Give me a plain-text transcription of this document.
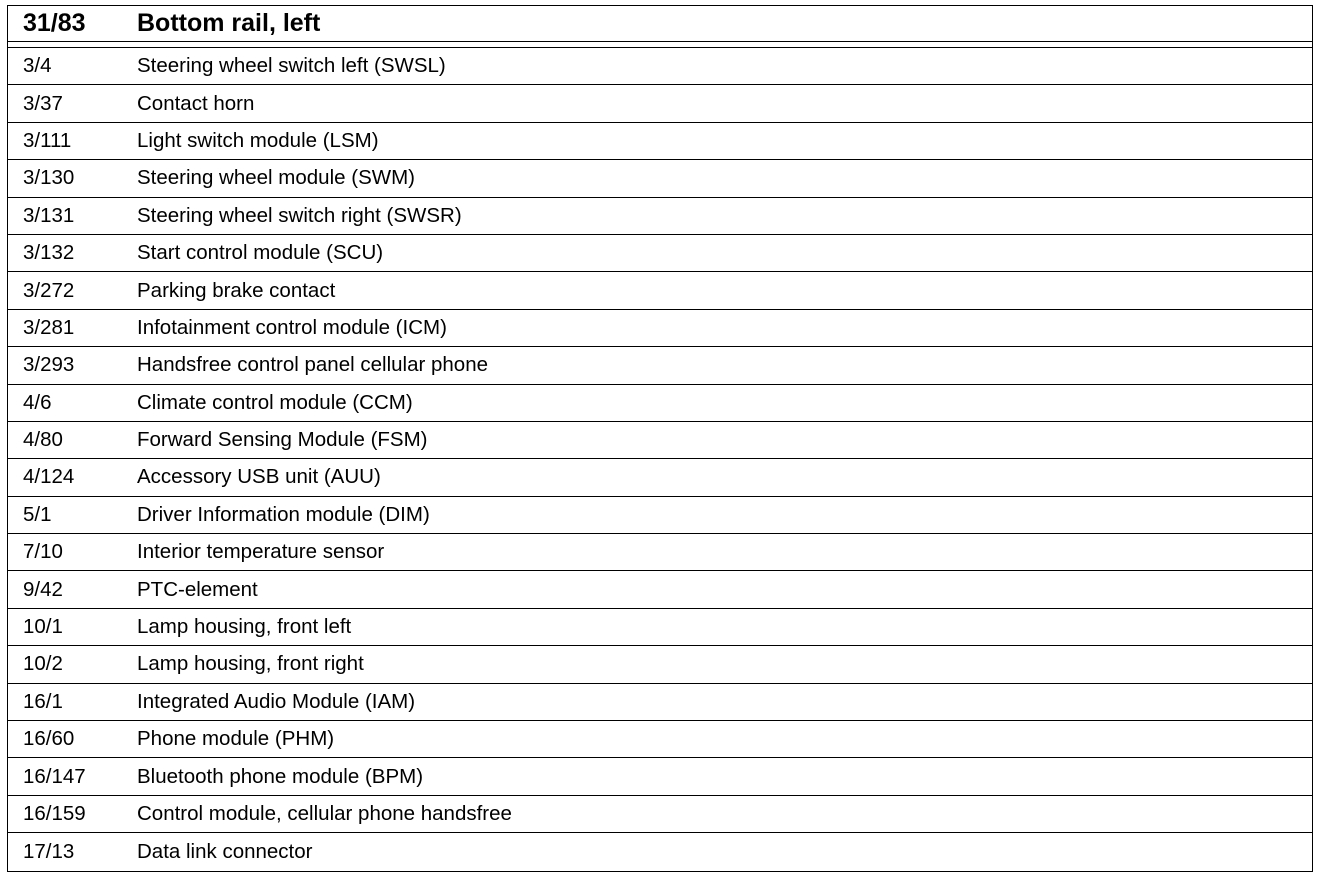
31/83	Bottom rail, left
3/4	Steering wheel switch left (SWSL)
3/37	Contact horn
3/111	Light switch module (LSM)
3/130	Steering wheel module (SWM)
3/131	Steering wheel switch right (SWSR)
3/132	Start control module (SCU)
3/272	Parking brake contact
3/281	Infotainment control module (ICM)
3/293	Handsfree control panel cellular phone
4/6	Climate control module (CCM)
4/80	Forward Sensing Module (FSM)
4/124	Accessory USB unit (AUU)
5/1	Driver Information module (DIM)
7/10	Interior temperature sensor
9/42	PTC-element
10/1	Lamp housing, front left
10/2	Lamp housing, front right
16/1	Integrated Audio Module (IAM)
16/60	Phone module (PHM)
16/147	Bluetooth phone module (BPM)
16/159	Control module, cellular phone handsfree
17/13	Data link connector
